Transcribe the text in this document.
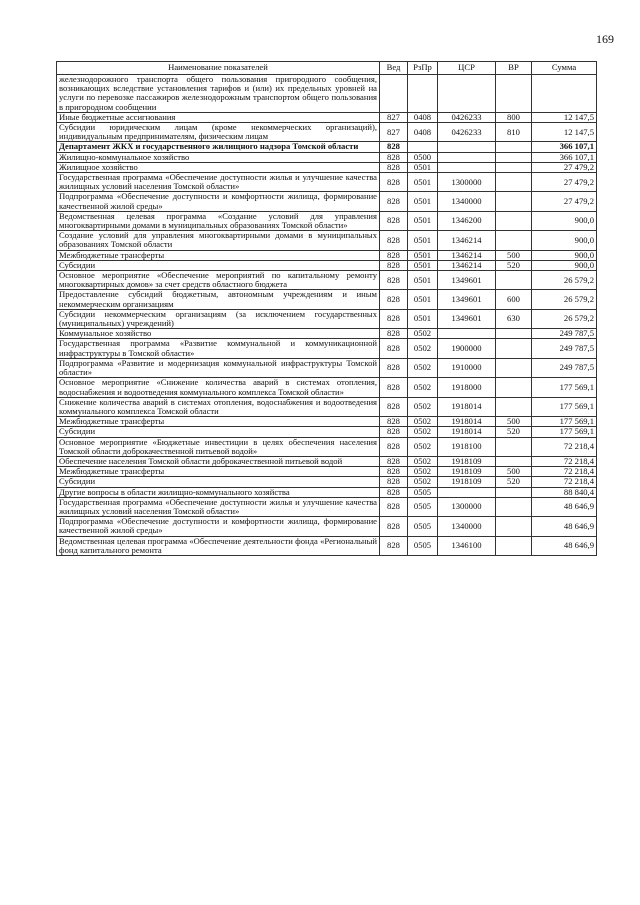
169
Наименование показателей	Вед	РзПр	ЦСР	ВР	Сумма
железнодорожного транспорта общего пользования пригородного сообщения, возникающих вследствие установления тарифов и (или) их предельных уровней на услуги по перевозке пассажиров железнодорожным транспортом общего пользования в пригородном сообщении					
Иные бюджетные ассигнования	827	0408	0426233	800	12 147,5
Субсидии юридическим лицам (кроме некоммерческих организаций), индивидуальным предпринимателям, физическим лицам	827	0408	0426233	810	12 147,5
Департамент ЖКХ и государственного жилищного надзора Томской области	828				366 107,1
Жилищно-коммунальное хозяйство	828	0500			366 107,1
Жилищное хозяйство	828	0501			27 479,2
Государственная программа «Обеспечение доступности жилья и улучшение качества жилищных условий населения Томской области»	828	0501	1300000		27 479,2
Подпрограмма «Обеспечение доступности и комфортности жилища, формирование качественной жилой среды»	828	0501	1340000		27 479,2
Ведомственная целевая программа «Создание условий для управления многоквартирными домами в муниципальных образованиях Томской области»	828	0501	1346200		900,0
Создание условий для управления многоквартирными домами в муниципальных образованиях Томской области	828	0501	1346214		900,0
Межбюджетные трансферты	828	0501	1346214	500	900,0
Субсидии	828	0501	1346214	520	900,0
Основное мероприятие «Обеспечение мероприятий по капитальному ремонту многоквартирных домов» за счет средств областного бюджета	828	0501	1349601		26 579,2
Предоставление субсидий бюджетным, автономным учреждениям и иным некоммерческим организациям	828	0501	1349601	600	26 579,2
Субсидии некоммерческим организациям (за исключением государственных (муниципальных) учреждений)	828	0501	1349601	630	26 579,2
Коммунальное хозяйство	828	0502			249 787,5
Государственная программа «Развитие коммунальной и коммуникационной инфраструктуры в Томской области»	828	0502	1900000		249 787,5
Подпрограмма «Развитие и модернизация коммунальной инфраструктуры Томской области»	828	0502	1910000		249 787,5
Основное мероприятие «Снижение количества аварий в системах отопления, водоснабжения и водоотведения коммунального комплекса Томской области»	828	0502	1918000		177 569,1
Снижение количества аварий в системах отопления, водоснабжения и водоотведения коммунального комплекса Томской области	828	0502	1918014		177 569,1
Межбюджетные трансферты	828	0502	1918014	500	177 569,1
Субсидии	828	0502	1918014	520	177 569,1
Основное мероприятие «Бюджетные инвестиции в целях обеспечения населения Томской области доброкачественной питьевой водой»	828	0502	1918100		72 218,4
Обеспечение населения Томской области доброкачественной питьевой водой	828	0502	1918109		72 218,4
Межбюджетные трансферты	828	0502	1918109	500	72 218,4
Субсидии	828	0502	1918109	520	72 218,4
Другие вопросы в области жилищно-коммунального хозяйства	828	0505			88 840,4
Государственная программа «Обеспечение доступности жилья и улучшение качества жилищных условий населения Томской области»	828	0505	1300000		48 646,9
Подпрограмма «Обеспечение доступности и комфортности жилища, формирование качественной жилой среды»	828	0505	1340000		48 646,9
Ведомственная целевая программа «Обеспечение деятельности фонда «Региональный фонд капитального ремонта	828	0505	1346100		48 646,9
